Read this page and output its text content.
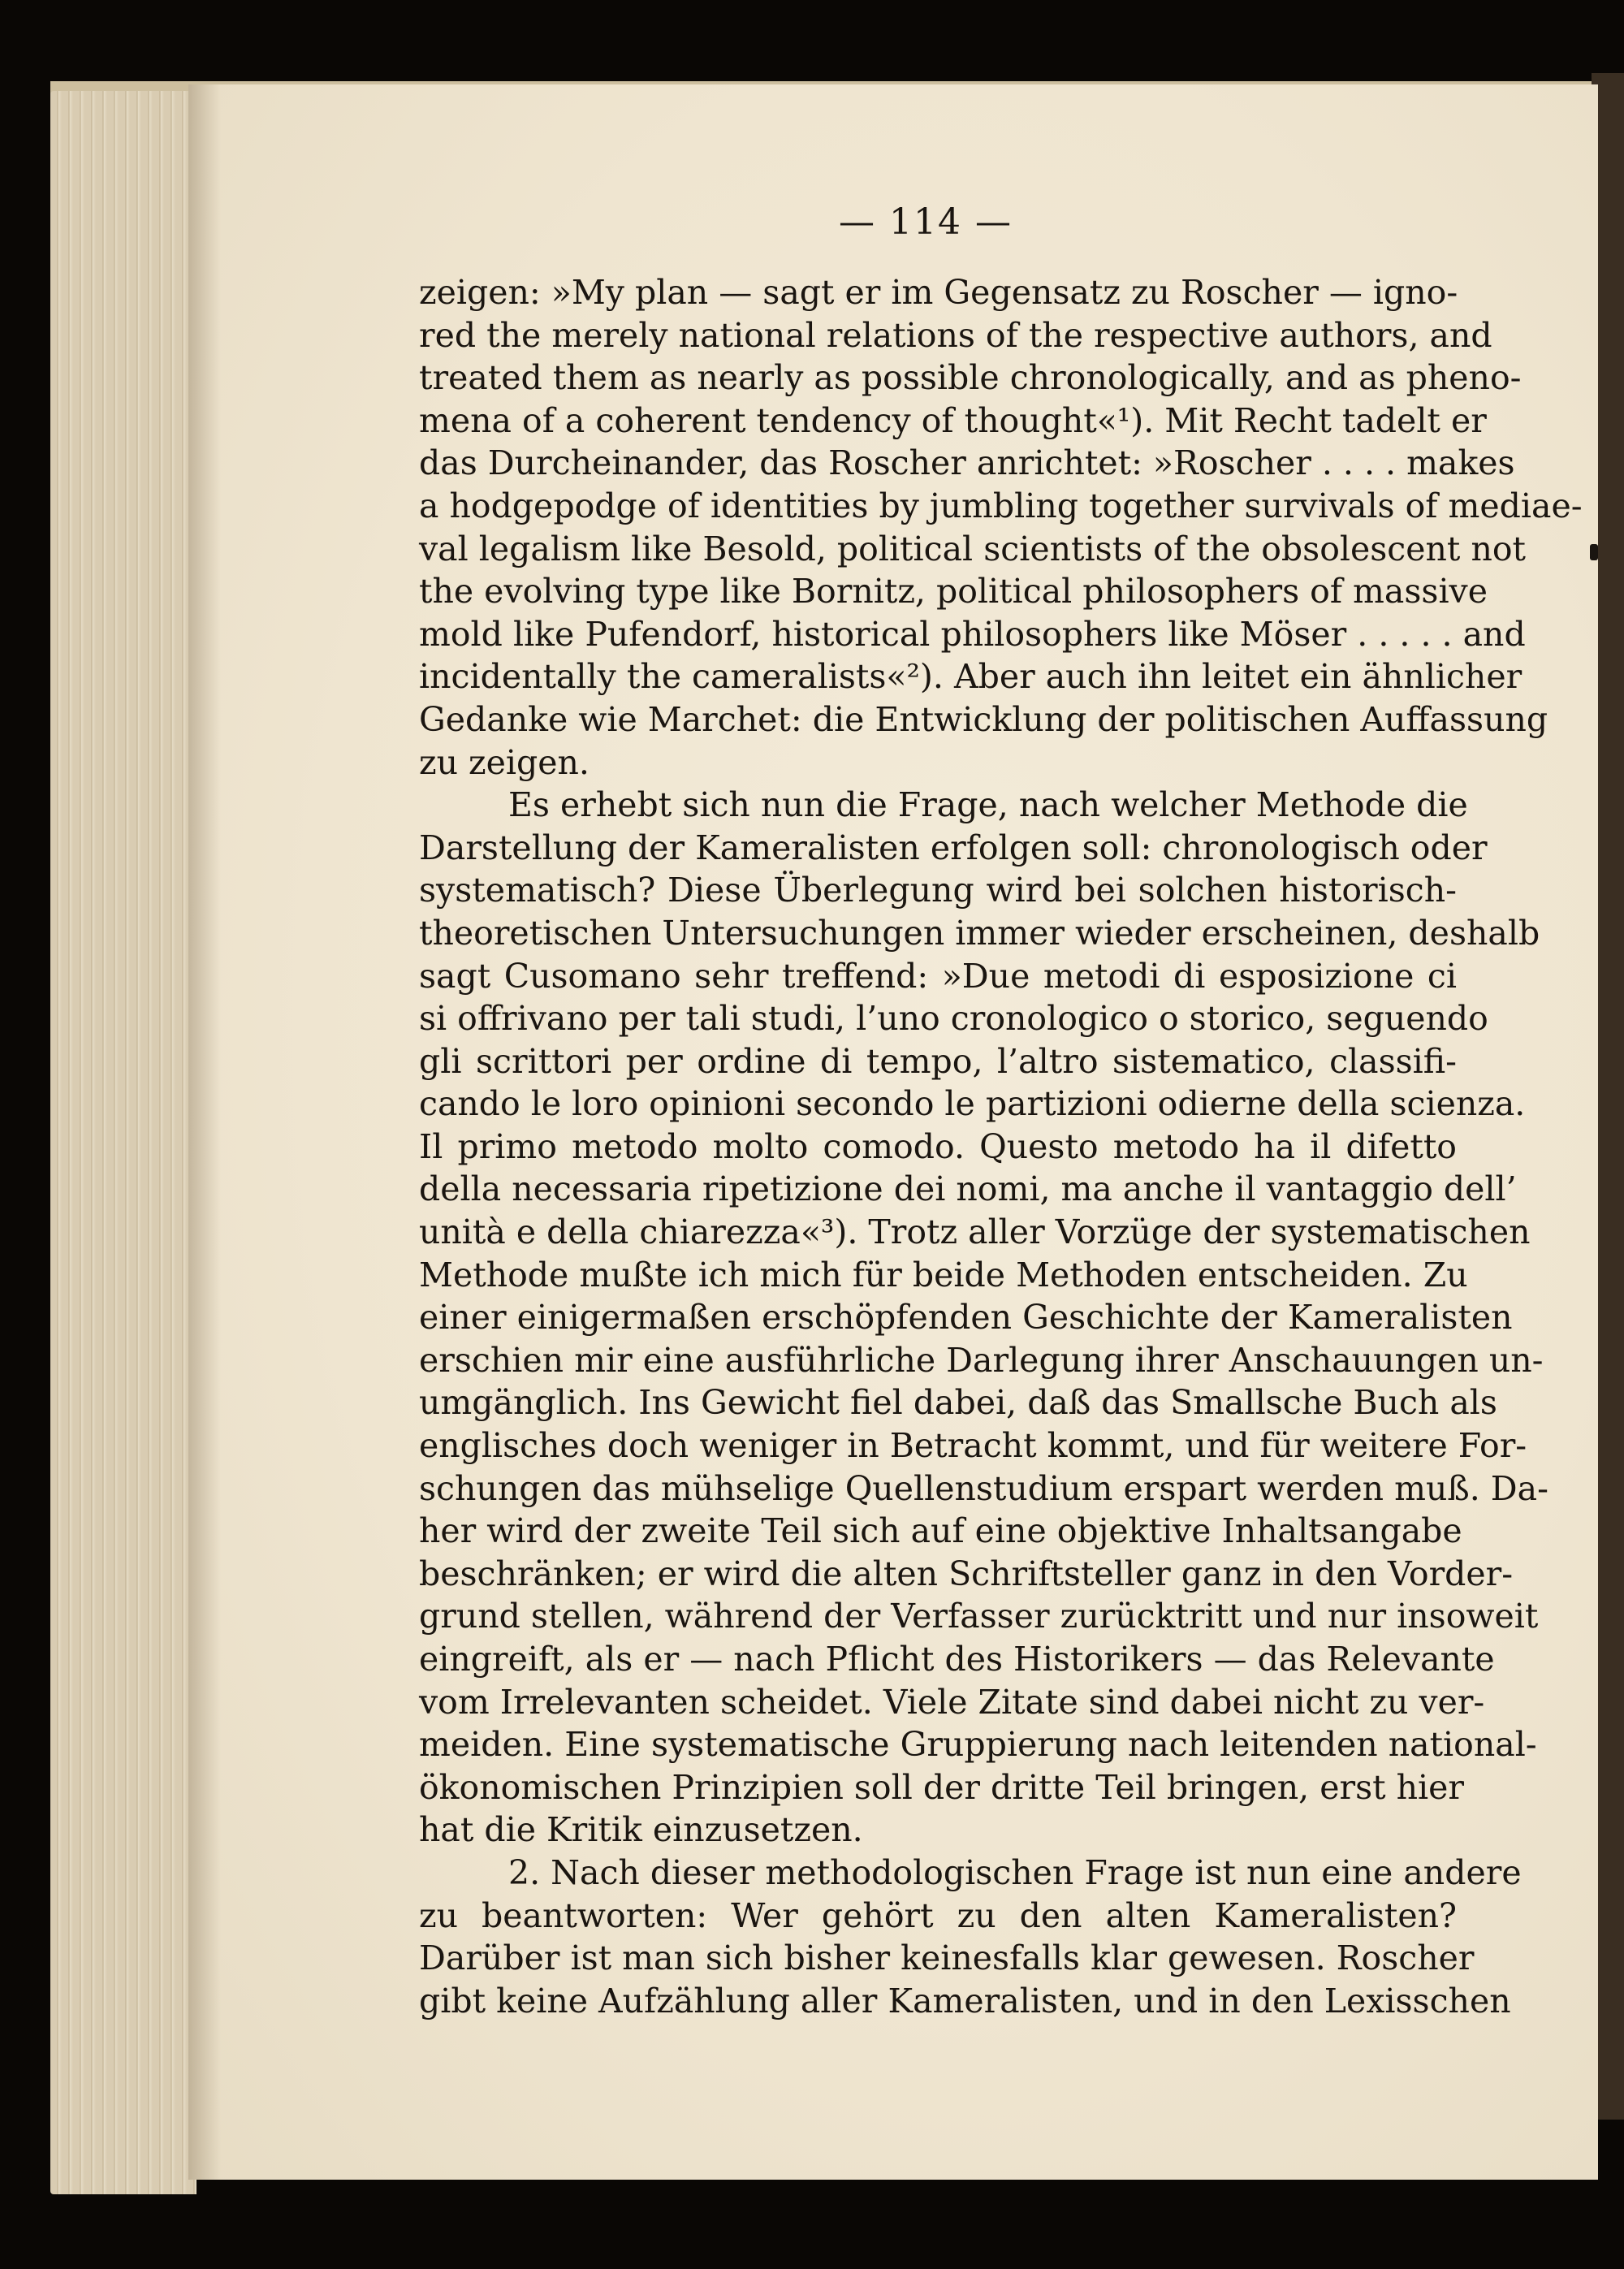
— 114 —
zeigen: »My plan — sagt er im Gegensatz zu Roscher — igno-
red the merely national relations of the respective authors, and
treated them as nearly as possible chronologically, and as pheno-
mena of a coherent tendency of thought«¹). Mit Recht tadelt er
das Durcheinander, das Roscher anrichtet: »Roscher . . . . makes
a hodgepodge of identities by jumbling together survivals of mediae-
val legalism like Besold, political scientists of the obsolescent not
the evolving type like Bornitz, political philosophers of massive
mold like Pufendorf, historical philosophers like Möser . . . . . and
incidentally the cameralists«²). Aber auch ihn leitet ein ähnlicher
Gedanke wie Marchet: die Entwicklung der politischen Auffassung
zu zeigen.
Es erhebt sich nun die Frage, nach welcher Methode die
Darstellung der Kameralisten erfolgen soll: chronologisch oder
systematisch? Diese Überlegung wird bei solchen historisch-
theoretischen Untersuchungen immer wieder erscheinen, deshalb
sagt Cusomano sehr treffend: »Due metodi di esposizione ci
si offrivano per tali studi, l’uno cronologico o storico, seguendo
gli scrittori per ordine di tempo, l’altro sistematico, classifi-
cando le loro opinioni secondo le partizioni odierne della scienza.
Il primo metodo molto comodo. Questo metodo ha il difetto
della necessaria ripetizione dei nomi, ma anche il vantaggio dell’
unità e della chiarezza«³). Trotz aller Vorzüge der systematischen
Methode mußte ich mich für beide Methoden entscheiden. Zu
einer einigermaßen erschöpfenden Geschichte der Kameralisten
erschien mir eine ausführliche Darlegung ihrer Anschauungen un-
umgänglich. Ins Gewicht fiel dabei, daß das Smallsche Buch als
englisches doch weniger in Betracht kommt, und für weitere For-
schungen das mühselige Quellenstudium erspart werden muß. Da-
her wird der zweite Teil sich auf eine objektive Inhaltsangabe
beschränken; er wird die alten Schriftsteller ganz in den Vorder-
grund stellen, während der Verfasser zurücktritt und nur insoweit
eingreift, als er — nach Pflicht des Historikers — das Relevante
vom Irrelevanten scheidet. Viele Zitate sind dabei nicht zu ver-
meiden. Eine systematische Gruppierung nach leitenden national-
ökonomischen Prinzipien soll der dritte Teil bringen, erst hier
hat die Kritik einzusetzen.
2. Nach dieser methodologischen Frage ist nun eine andere
zu beantworten: Wer gehört zu den alten Kameralisten?
Darüber ist man sich bisher keinesfalls klar gewesen. Roscher
gibt keine Aufzählung aller Kameralisten, und in den Lexisschen
